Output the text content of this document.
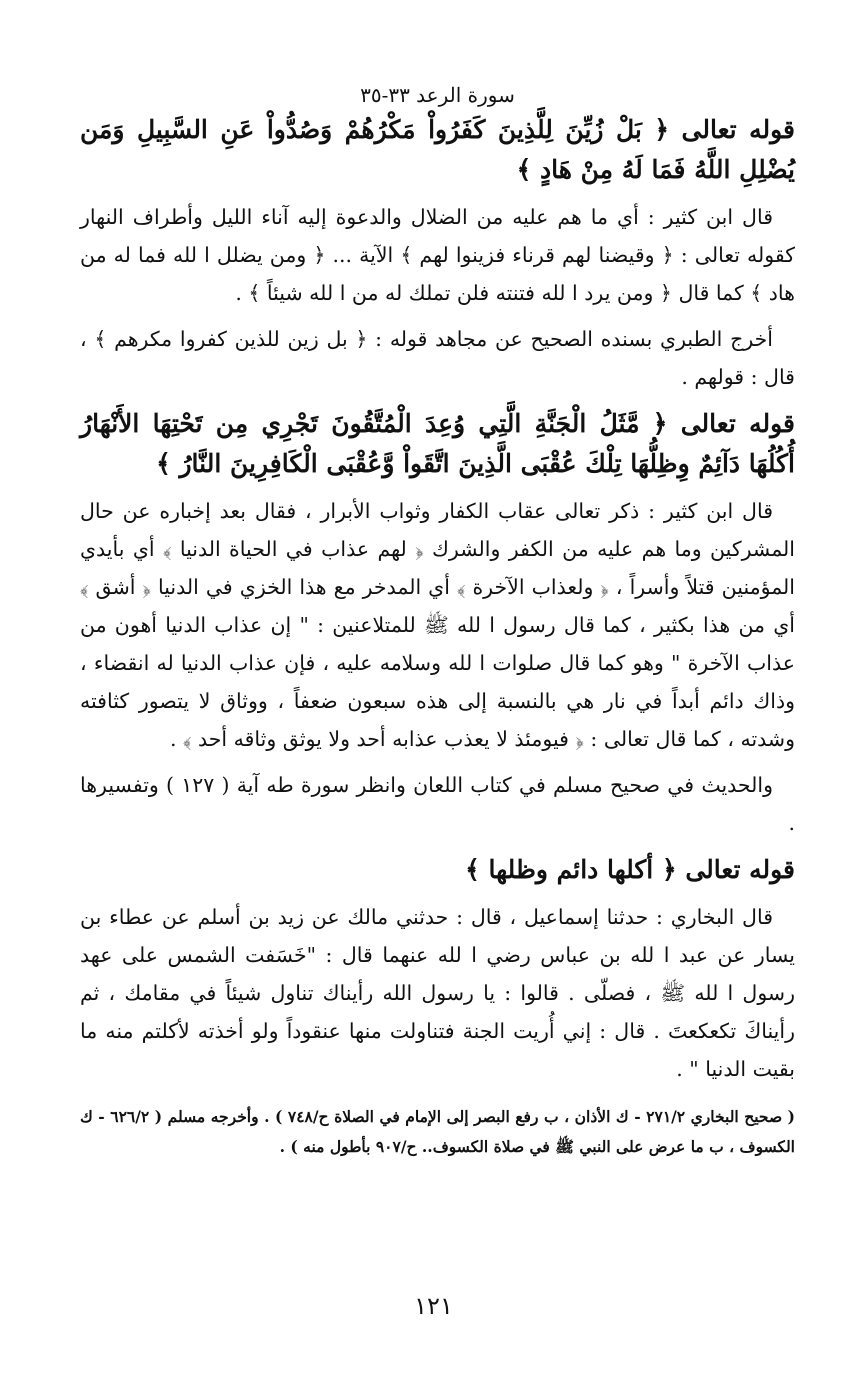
سورة الرعد ٣٣-٣٥
قوله تعالى ﴿ بَلْ زُيِّنَ لِلَّذِينَ كَفَرُواْ مَكْرُهُمْ وَصُدُّواْ عَنِ السَّبِيلِ وَمَن يُضْلِلِ اللَّهُ فَمَا لَهُ مِنْ هَادٍ ﴾
قال ابن كثير : أي ما هم عليه من الضلال والدعوة إليه آناء الليل وأطراف النهار كقوله تعالى : ﴿ وقيضنا لهم قرناء فزينوا لهم ﴾ الآية ... ﴿ ومن يضلل ا لله فما له من هاد ﴾ كما قال ﴿ ومن يرد ا لله فتنته فلن تملك له من ا لله شيئاً ﴾ .
أخرج الطبري بسنده الصحيح عن مجاهد قوله : ﴿ بل زين للذين كفروا مكرهم ﴾ ، قال : قولهم .
قوله تعالى ﴿ مَّثَلُ الْجَنَّةِ الَّتِي وُعِدَ الْمُتَّقُونَ تَجْرِي مِن تَحْتِهَا الأَنْهَارُ أُكُلُهَا دَآئِمٌ وِظِلُّهَا تِلْكَ عُقْبَى الَّذِينَ اتَّقَواْ وَّعُقْبَى الْكَافِرِينَ النَّارُ ﴾
قال ابن كثير : ذكر تعالى عقاب الكفار وثواب الأبرار ، فقال بعد إخباره عن حال المشركين وما هم عليه من الكفر والشرك ﴿ لهم عذاب في الحياة الدنيا ﴾ أي بأيدي المؤمنين قتلاً وأسراً ، ﴿ ولعذاب الآخرة ﴾ أي المدخر مع هذا الخزي في الدنيا ﴿ أشق ﴾ أي من هذا بكثير ، كما قال رسول ا لله ﷺ للمتلاعنين : " إن عذاب الدنيا أهون من عذاب الآخرة " وهو كما قال صلوات ا لله وسلامه عليه ، فإن عذاب الدنيا له انقضاء ، وذاك دائم أبداً في نار هي بالنسبة إلى هذه سبعون ضعفاً ، ووثاق لا يتصور كثافته وشدته ، كما قال تعالى : ﴿ فيومئذ لا يعذب عذابه أحد ولا يوثق وثاقه أحد ﴾ .
والحديث في صحيح مسلم في كتاب اللعان وانظر سورة طه آية ( ١٢٧ ) وتفسيرها .
قوله تعالى ﴿ أكلها دائم وظلها ﴾
قال البخاري : حدثنا إسماعيل ، قال : حدثني مالك عن زيد بن أسلم عن عطاء بن يسار عن عبد ا لله بن عباس رضي ا لله عنهما قال : "خَسَفت الشمس على عهد رسول ا لله ﷺ ، فصلّى . قالوا : يا رسول الله رأيناك تناول شيئاً في مقامك ، ثم رأيناكَ تكعكعتَ . قال : إني أُريت الجنة فتناولت منها عنقوداً ولو أخذته لأكلتم منه ما بقيت الدنيا " .
( صحيح البخاري ٢٧١/٢ - ك الأذان ، ب رفع البصر إلى الإمام في الصلاة ح/٧٤٨ ) . وأخرجه مسلم ( ٦٢٦/٢ - ك الكسوف ، ب ما عرض على النبي ﷺ في صلاة الكسوف.. ح/٩٠٧ بأطول منه ) .
١٢١
